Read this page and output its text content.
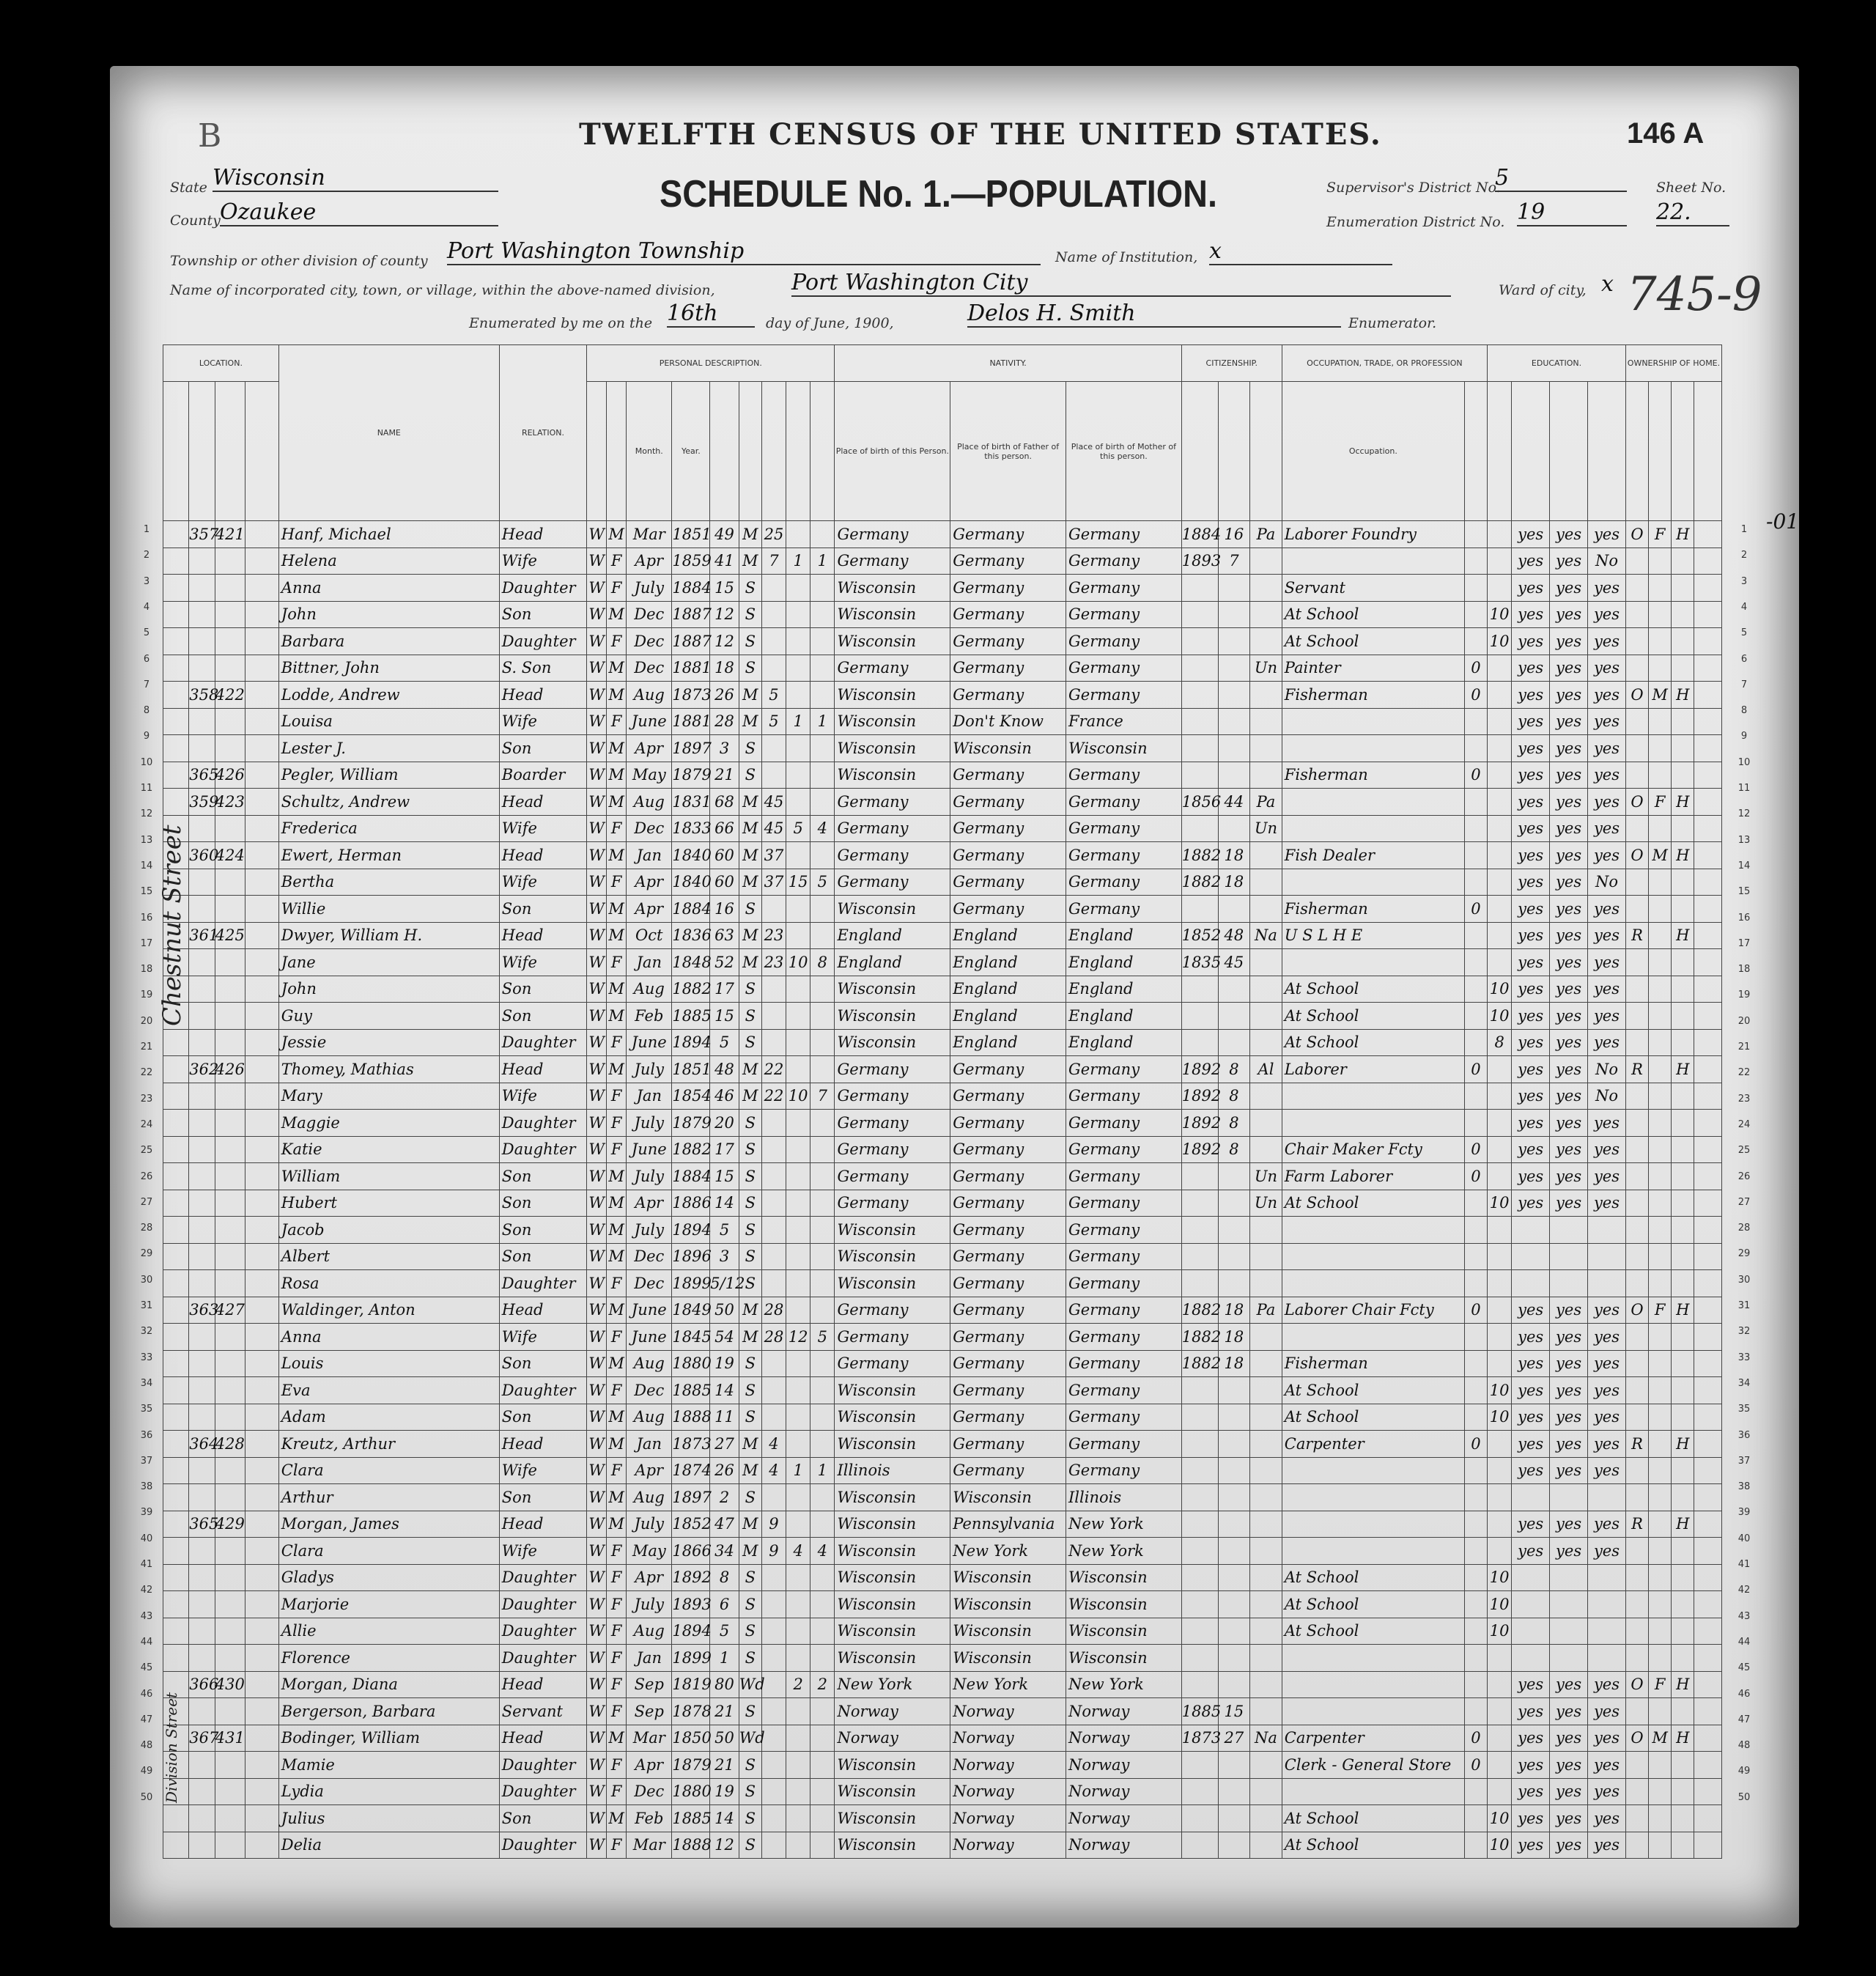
B	TWELFTH CENSUS OF THE UNITED STATES.	146 A
SCHEDULE No. 1.—POPULATION.
State Wisconsin
County Ozaukee
Township or other division of county Port Washington Township	Name of Institution, x
Name of incorporated city, town, or village, within the above-named division,	Port Washington City
Enumerated by me on the 16th	day of June, 1900,	Delos H. Smith	Enumerator.
Supervisor's District No.
5
Enumeration District No. 19
Sheet No.
22.
Ward of city, x 745-9
-01
LOCATION.				NAME	RELATION.	PERSONAL DESCRIPTION.									NATIVITY.			CITIZENSHIP.			OCCUPATION, TRADE, OR PROFESSION		EDUCATION.				OWNERSHIP OF HOME.			
								Month.	Year.						Place of birth of this Person.	Place of birth of Father of this person.	Place of birth of Mother of this person.				Occupation.									
	357	421		Hanf, Michael	Head	W	M	Mar	1851	49	M	25			Germany	Germany	Germany	1884	16	Pa	Laborer Foundry			yes	yes	yes	O	F	H	
				Helena	Wife	W	F	Apr	1859	41	M	7	1	1	Germany	Germany	Germany	1893	7					yes	yes	No				
				Anna	Daughter	W	F	July	1884	15	S				Wisconsin	Germany	Germany				Servant			yes	yes	yes				
				John	Son	W	M	Dec	1887	12	S				Wisconsin	Germany	Germany				At School		10	yes	yes	yes				
				Barbara	Daughter	W	F	Dec	1887	12	S				Wisconsin	Germany	Germany				At School		10	yes	yes	yes				
				Bittner, John	S. Son	W	M	Dec	1881	18	S				Germany	Germany	Germany			Un	Painter	0		yes	yes	yes				
	358	422		Lodde, Andrew	Head	W	M	Aug	1873	26	M	5			Wisconsin	Germany	Germany				Fisherman	0		yes	yes	yes	O	M	H	
				Louisa	Wife	W	F	June	1881	28	M	5	1	1	Wisconsin	Don't Know	France							yes	yes	yes				
				Lester J.	Son	W	M	Apr	1897	3	S				Wisconsin	Wisconsin	Wisconsin							yes	yes	yes				
	365	426		Pegler, William	Boarder	W	M	May	1879	21	S				Wisconsin	Germany	Germany				Fisherman	0		yes	yes	yes				
	359	423		Schultz, Andrew	Head	W	M	Aug	1831	68	M	45			Germany	Germany	Germany	1856	44	Pa				yes	yes	yes	O	F	H	
				Frederica	Wife	W	F	Dec	1833	66	M	45	5	4	Germany	Germany	Germany			Un				yes	yes	yes				
	360	424		Ewert, Herman	Head	W	M	Jan	1840	60	M	37			Germany	Germany	Germany	1882	18		Fish Dealer			yes	yes	yes	O	M	H	
				Bertha	Wife	W	F	Apr	1840	60	M	37	15	5	Germany	Germany	Germany	1882	18					yes	yes	No				
				Willie	Son	W	M	Apr	1884	16	S				Wisconsin	Germany	Germany				Fisherman	0		yes	yes	yes				
	361	425		Dwyer, William H.	Head	W	M	Oct	1836	63	M	23			England	England	England	1852	48	Na	U S L H E			yes	yes	yes	R		H	
				Jane	Wife	W	F	Jan	1848	52	M	23	10	8	England	England	England	1835	45					yes	yes	yes				
				John	Son	W	M	Aug	1882	17	S				Wisconsin	England	England				At School		10	yes	yes	yes				
				Guy	Son	W	M	Feb	1885	15	S				Wisconsin	England	England				At School		10	yes	yes	yes				
				Jessie	Daughter	W	F	June	1894	5	S				Wisconsin	England	England				At School		8	yes	yes	yes				
	362	426		Thomey, Mathias	Head	W	M	July	1851	48	M	22			Germany	Germany	Germany	1892	8	Al	Laborer	0		yes	yes	No	R		H	
				Mary	Wife	W	F	Jan	1854	46	M	22	10	7	Germany	Germany	Germany	1892	8					yes	yes	No				
				Maggie	Daughter	W	F	July	1879	20	S				Germany	Germany	Germany	1892	8					yes	yes	yes				
				Katie	Daughter	W	F	June	1882	17	S				Germany	Germany	Germany	1892	8		Chair Maker Fcty	0		yes	yes	yes				
				William	Son	W	M	July	1884	15	S				Germany	Germany	Germany			Un	Farm Laborer	0		yes	yes	yes				
				Hubert	Son	W	M	Apr	1886	14	S				Germany	Germany	Germany			Un	At School		10	yes	yes	yes				
				Jacob	Son	W	M	July	1894	5	S				Wisconsin	Germany	Germany													
				Albert	Son	W	M	Dec	1896	3	S				Wisconsin	Germany	Germany													
				Rosa	Daughter	W	F	Dec	1899	5/12	S				Wisconsin	Germany	Germany													
	363	427		Waldinger, Anton	Head	W	M	June	1849	50	M	28			Germany	Germany	Germany	1882	18	Pa	Laborer Chair Fcty	0		yes	yes	yes	O	F	H	
				Anna	Wife	W	F	June	1845	54	M	28	12	5	Germany	Germany	Germany	1882	18					yes	yes	yes				
				Louis	Son	W	M	Aug	1880	19	S				Germany	Germany	Germany	1882	18		Fisherman			yes	yes	yes				
				Eva	Daughter	W	F	Dec	1885	14	S				Wisconsin	Germany	Germany				At School		10	yes	yes	yes				
				Adam	Son	W	M	Aug	1888	11	S				Wisconsin	Germany	Germany				At School		10	yes	yes	yes				
	364	428		Kreutz, Arthur	Head	W	M	Jan	1873	27	M	4			Wisconsin	Germany	Germany				Carpenter	0		yes	yes	yes	R		H	
				Clara	Wife	W	F	Apr	1874	26	M	4	1	1	Illinois	Germany	Germany							yes	yes	yes				
				Arthur	Son	W	M	Aug	1897	2	S				Wisconsin	Wisconsin	Illinois													
	365	429		Morgan, James	Head	W	M	July	1852	47	M	9			Wisconsin	Pennsylvania	New York							yes	yes	yes	R		H	
				Clara	Wife	W	F	May	1866	34	M	9	4	4	Wisconsin	New York	New York							yes	yes	yes				
				Gladys	Daughter	W	F	Apr	1892	8	S				Wisconsin	Wisconsin	Wisconsin				At School		10							
				Marjorie	Daughter	W	F	July	1893	6	S				Wisconsin	Wisconsin	Wisconsin				At School		10							
				Allie	Daughter	W	F	Aug	1894	5	S				Wisconsin	Wisconsin	Wisconsin				At School		10							
				Florence	Daughter	W	F	Jan	1899	1	S				Wisconsin	Wisconsin	Wisconsin													
	366	430		Morgan, Diana	Head	W	F	Sep	1819	80	Wd		2	2	New York	New York	New York							yes	yes	yes	O	F	H	
				Bergerson, Barbara	Servant	W	F	Sep	1878	21	S				Norway	Norway	Norway	1885	15					yes	yes	yes				
	367	431		Bodinger, William	Head	W	M	Mar	1850	50	Wd				Norway	Norway	Norway	1873	27	Na	Carpenter	0		yes	yes	yes	O	M	H	
				Mamie	Daughter	W	F	Apr	1879	21	S				Wisconsin	Norway	Norway				Clerk - General Store	0		yes	yes	yes				
				Lydia	Daughter	W	F	Dec	1880	19	S				Wisconsin	Norway	Norway							yes	yes	yes				
				Julius	Son	W	M	Feb	1885	14	S				Wisconsin	Norway	Norway				At School		10	yes	yes	yes				
				Delia	Daughter	W	F	Mar	1888	12	S				Wisconsin	Norway	Norway				At School		10	yes	yes	yes				
Chestnut Street
Division Street
1	1
2	2
3	3
4	4
5	5
6	6
7	7
8	8
9	9
10	10
11	11
12	12
13	13
14	14
15	15
16	16
17	17
18	18
19	19
20	20
21	21
22	22
23	23
24	24
25	25
26	26
27	27
28	28
29	29
30	30
31	31
32	32
33	33
34	34
35	35
36	36
37	37
38	38
39	39
40	40
41	41
42	42
43	43
44	44
45	45
46	46
47	47
48	48
49	49
50	50
